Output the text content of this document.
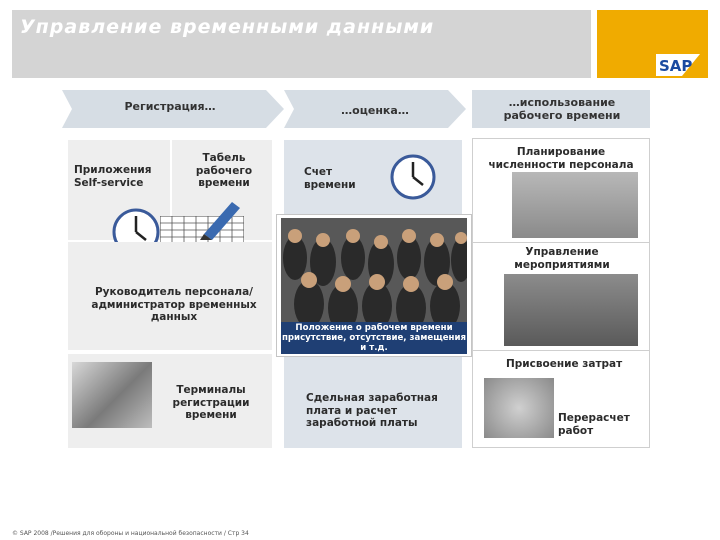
Управление временными данными
SAP
Регистрация…	…оценка…
…использование рабочего времени
Приложения Self-service
Табель рабочего времени
Руководитель персонала/администратор временных данных
Терминалы регистрации времени
Счет времени
Сдельная заработная плата и расчет заработной платы
Положение о рабочем времени присутствие, отсутствие, замещения и т.д.
Планирование численности персонала
Управление мероприятиями
Присвоение затрат
Перерасчет работ
© SAP 2008 /Решения для обороны и национальной безопасности / Стр 34
